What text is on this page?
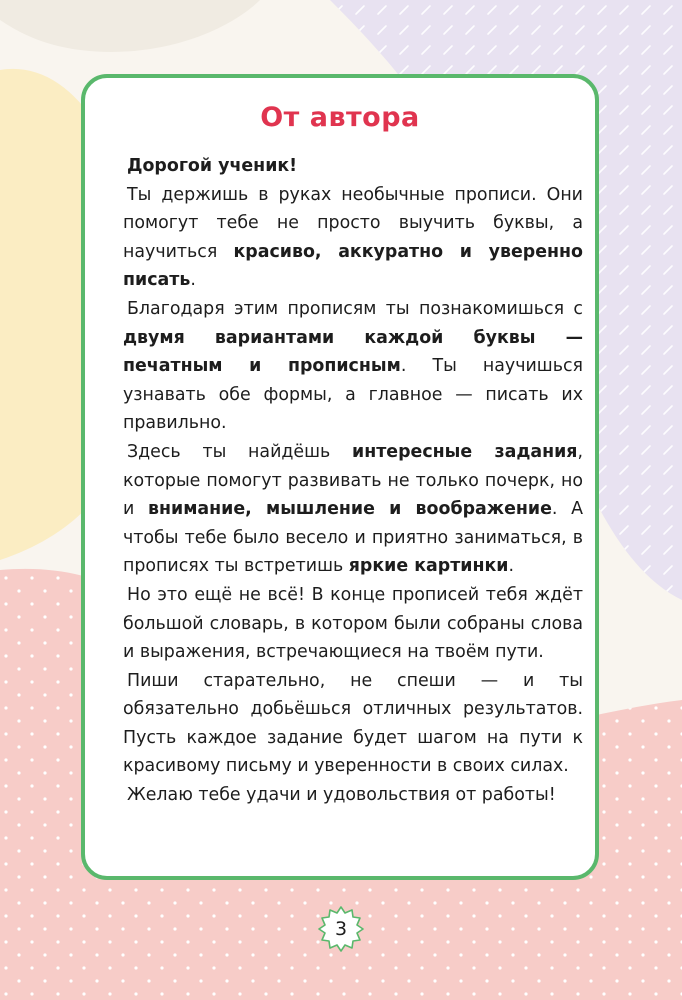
От автора

Дорогой ученик!

Ты держишь в руках необычные прописи. Они помогут тебе не просто выучить буквы, а научиться красиво, аккуратно и уверенно писать.

Благодаря этим прописям ты познакомишься с двумя вариантами каждой буквы — печатным и прописным. Ты научишься узнавать обе формы, а главное — писать их правильно.

Здесь ты найдёшь интересные задания, которые помогут развивать не только почерк, но и внимание, мышление и воображение. А чтобы тебе было весело и приятно заниматься, в прописях ты встретишь яркие картинки.

Но это ещё не всё! В конце прописей тебя ждёт большой словарь, в котором были собраны слова и выражения, встречающиеся на твоём пути.

Пиши старательно, не спеши — и ты обязательно добьёшься отличных результатов. Пусть каждое задание будет шагом на пути к красивому письму и уверенности в своих силах.

Желаю тебе удачи и удовольствия от работы!

3
